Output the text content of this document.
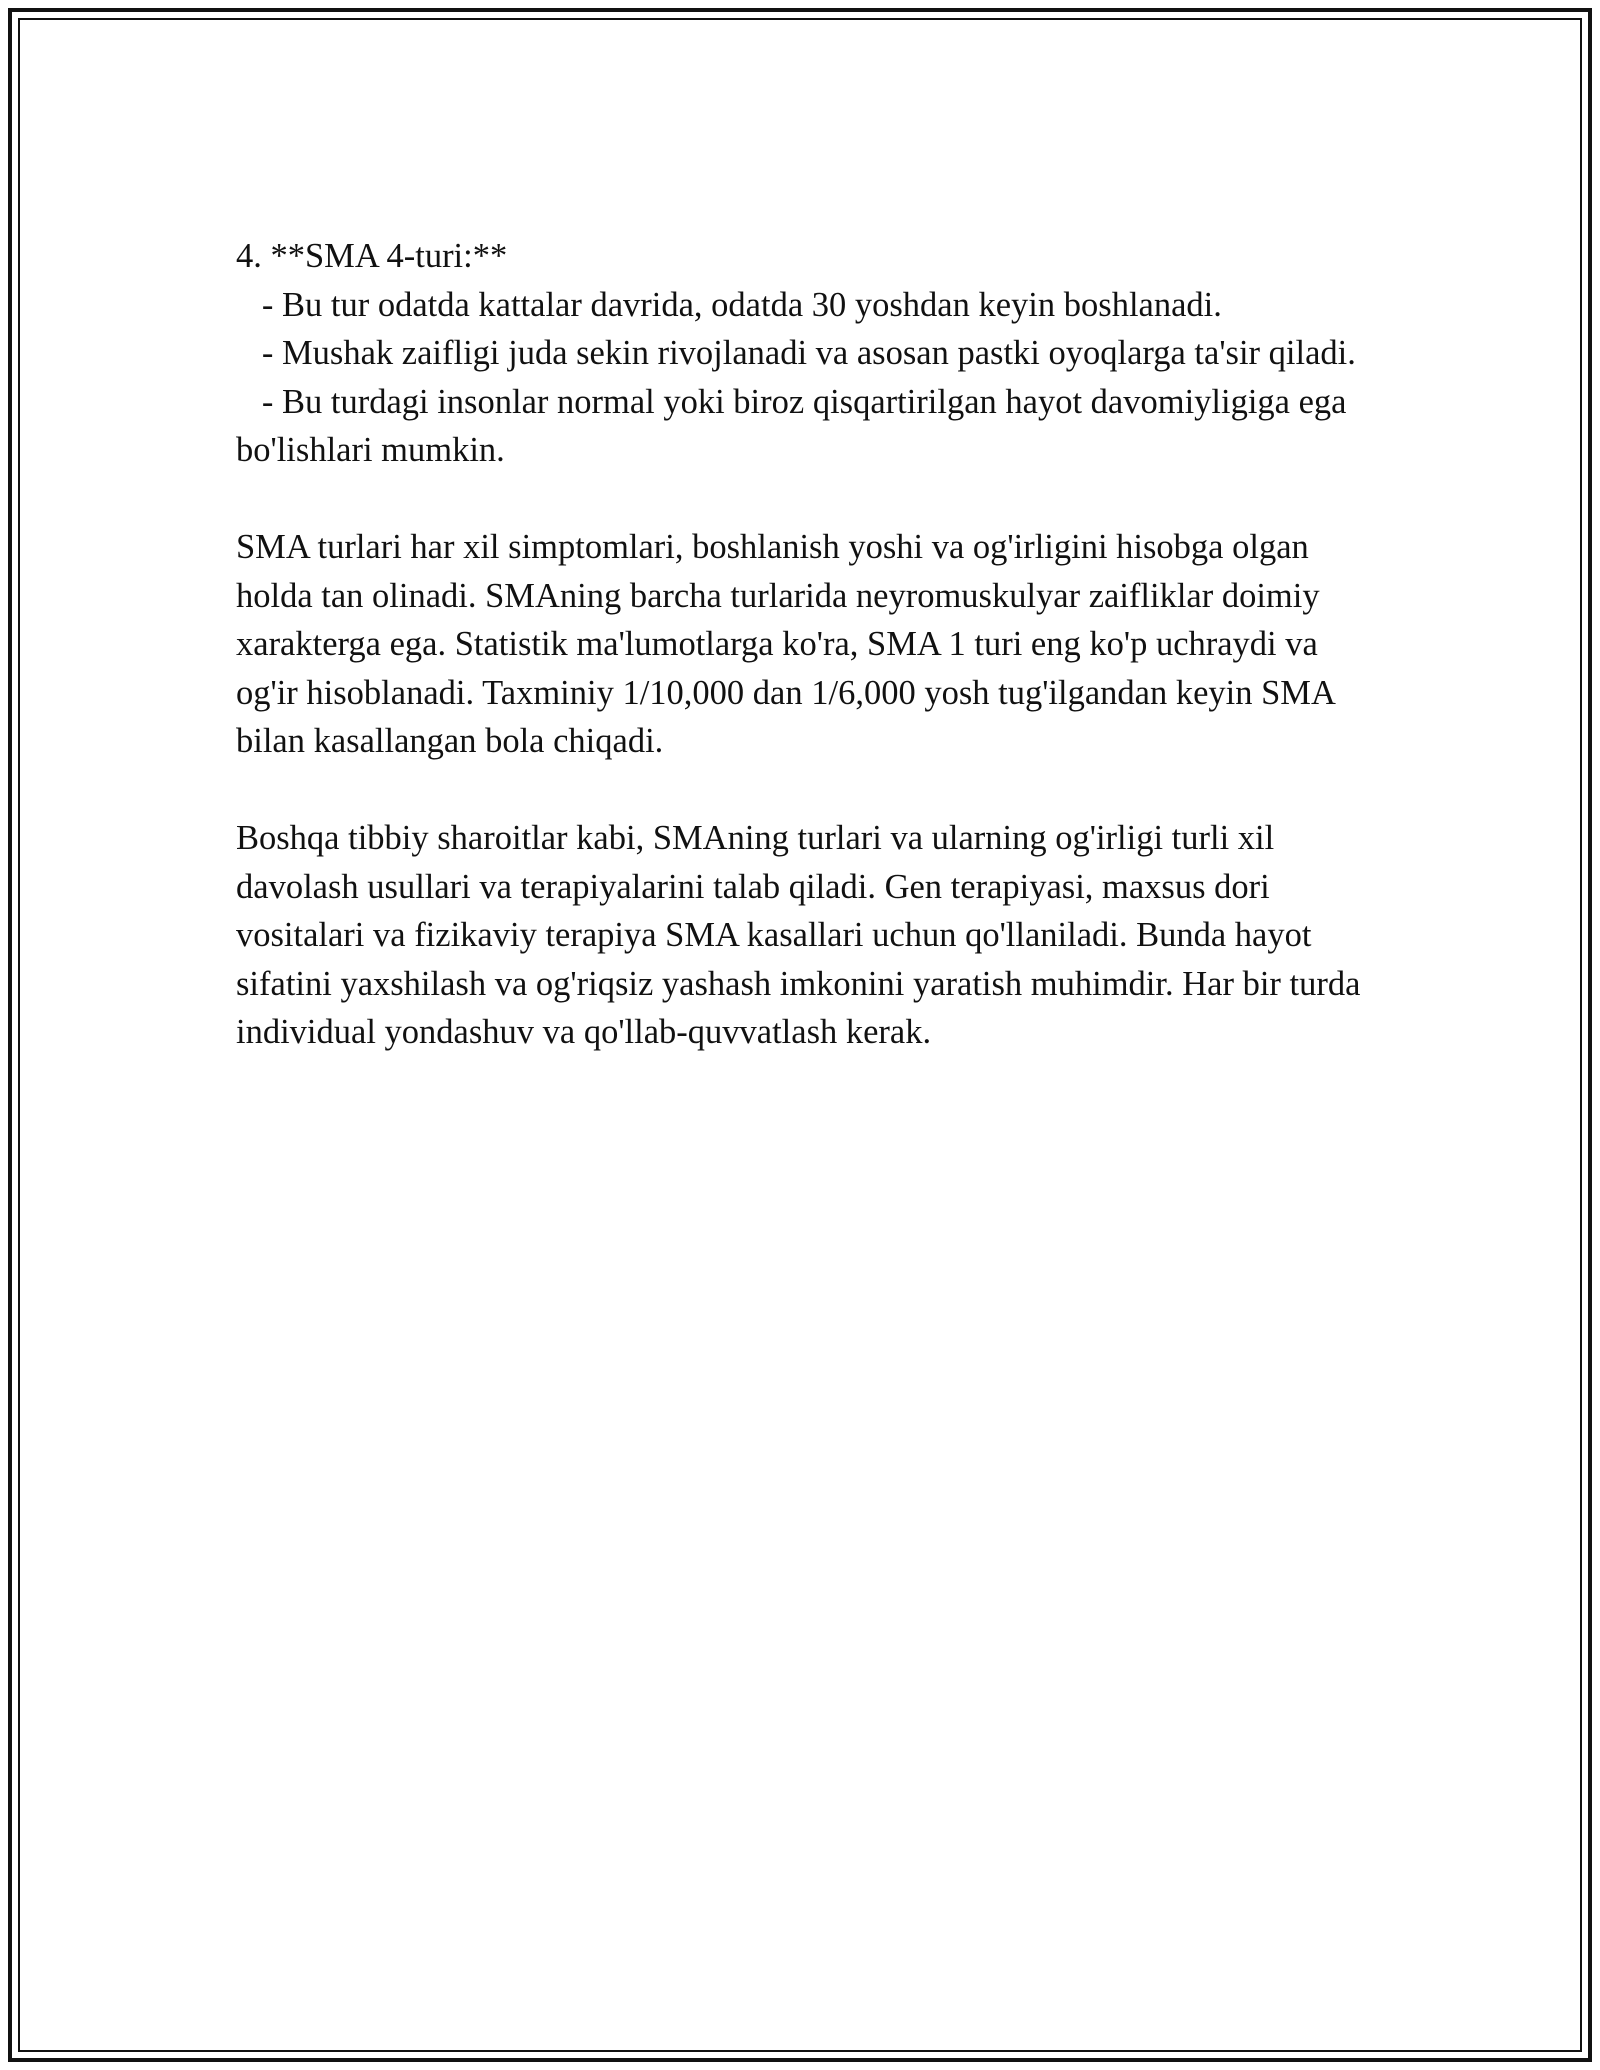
4. **SMA 4-turi:**
- Bu tur odatda kattalar davrida, odatda 30 yoshdan keyin boshlanadi.
- Mushak zaifligi juda sekin rivojlanadi va asosan pastki oyoqlarga ta'sir qiladi.
- Bu turdagi insonlar normal yoki biroz qisqartirilgan hayot davomiyligiga ega bo'lishlari mumkin.

SMA turlari har xil simptomlari, boshlanish yoshi va og'irligini hisobga olgan holda tan olinadi. SMAning barcha turlarida neyromuskulyar zaifliklar doimiy xarakterga ega. Statistik ma'lumotlarga ko'ra, SMA 1 turi eng ko'p uchraydi va og'ir hisoblanadi. Taxminiy 1/10,000 dan 1/6,000 yosh tug'ilgandan keyin SMA bilan kasallangan bola chiqadi.

Boshqa tibbiy sharoitlar kabi, SMAning turlari va ularning og'irligi turli xil davolash usullari va terapiyalarini talab qiladi. Gen terapiyasi, maxsus dori vositalari va fizikaviy terapiya SMA kasallari uchun qo'llaniladi. Bunda hayot sifatini yaxshilash va og'riqsiz yashash imkonini yaratish muhimdir. Har bir turda individual yondashuv va qo'llab-quvvatlash kerak.
